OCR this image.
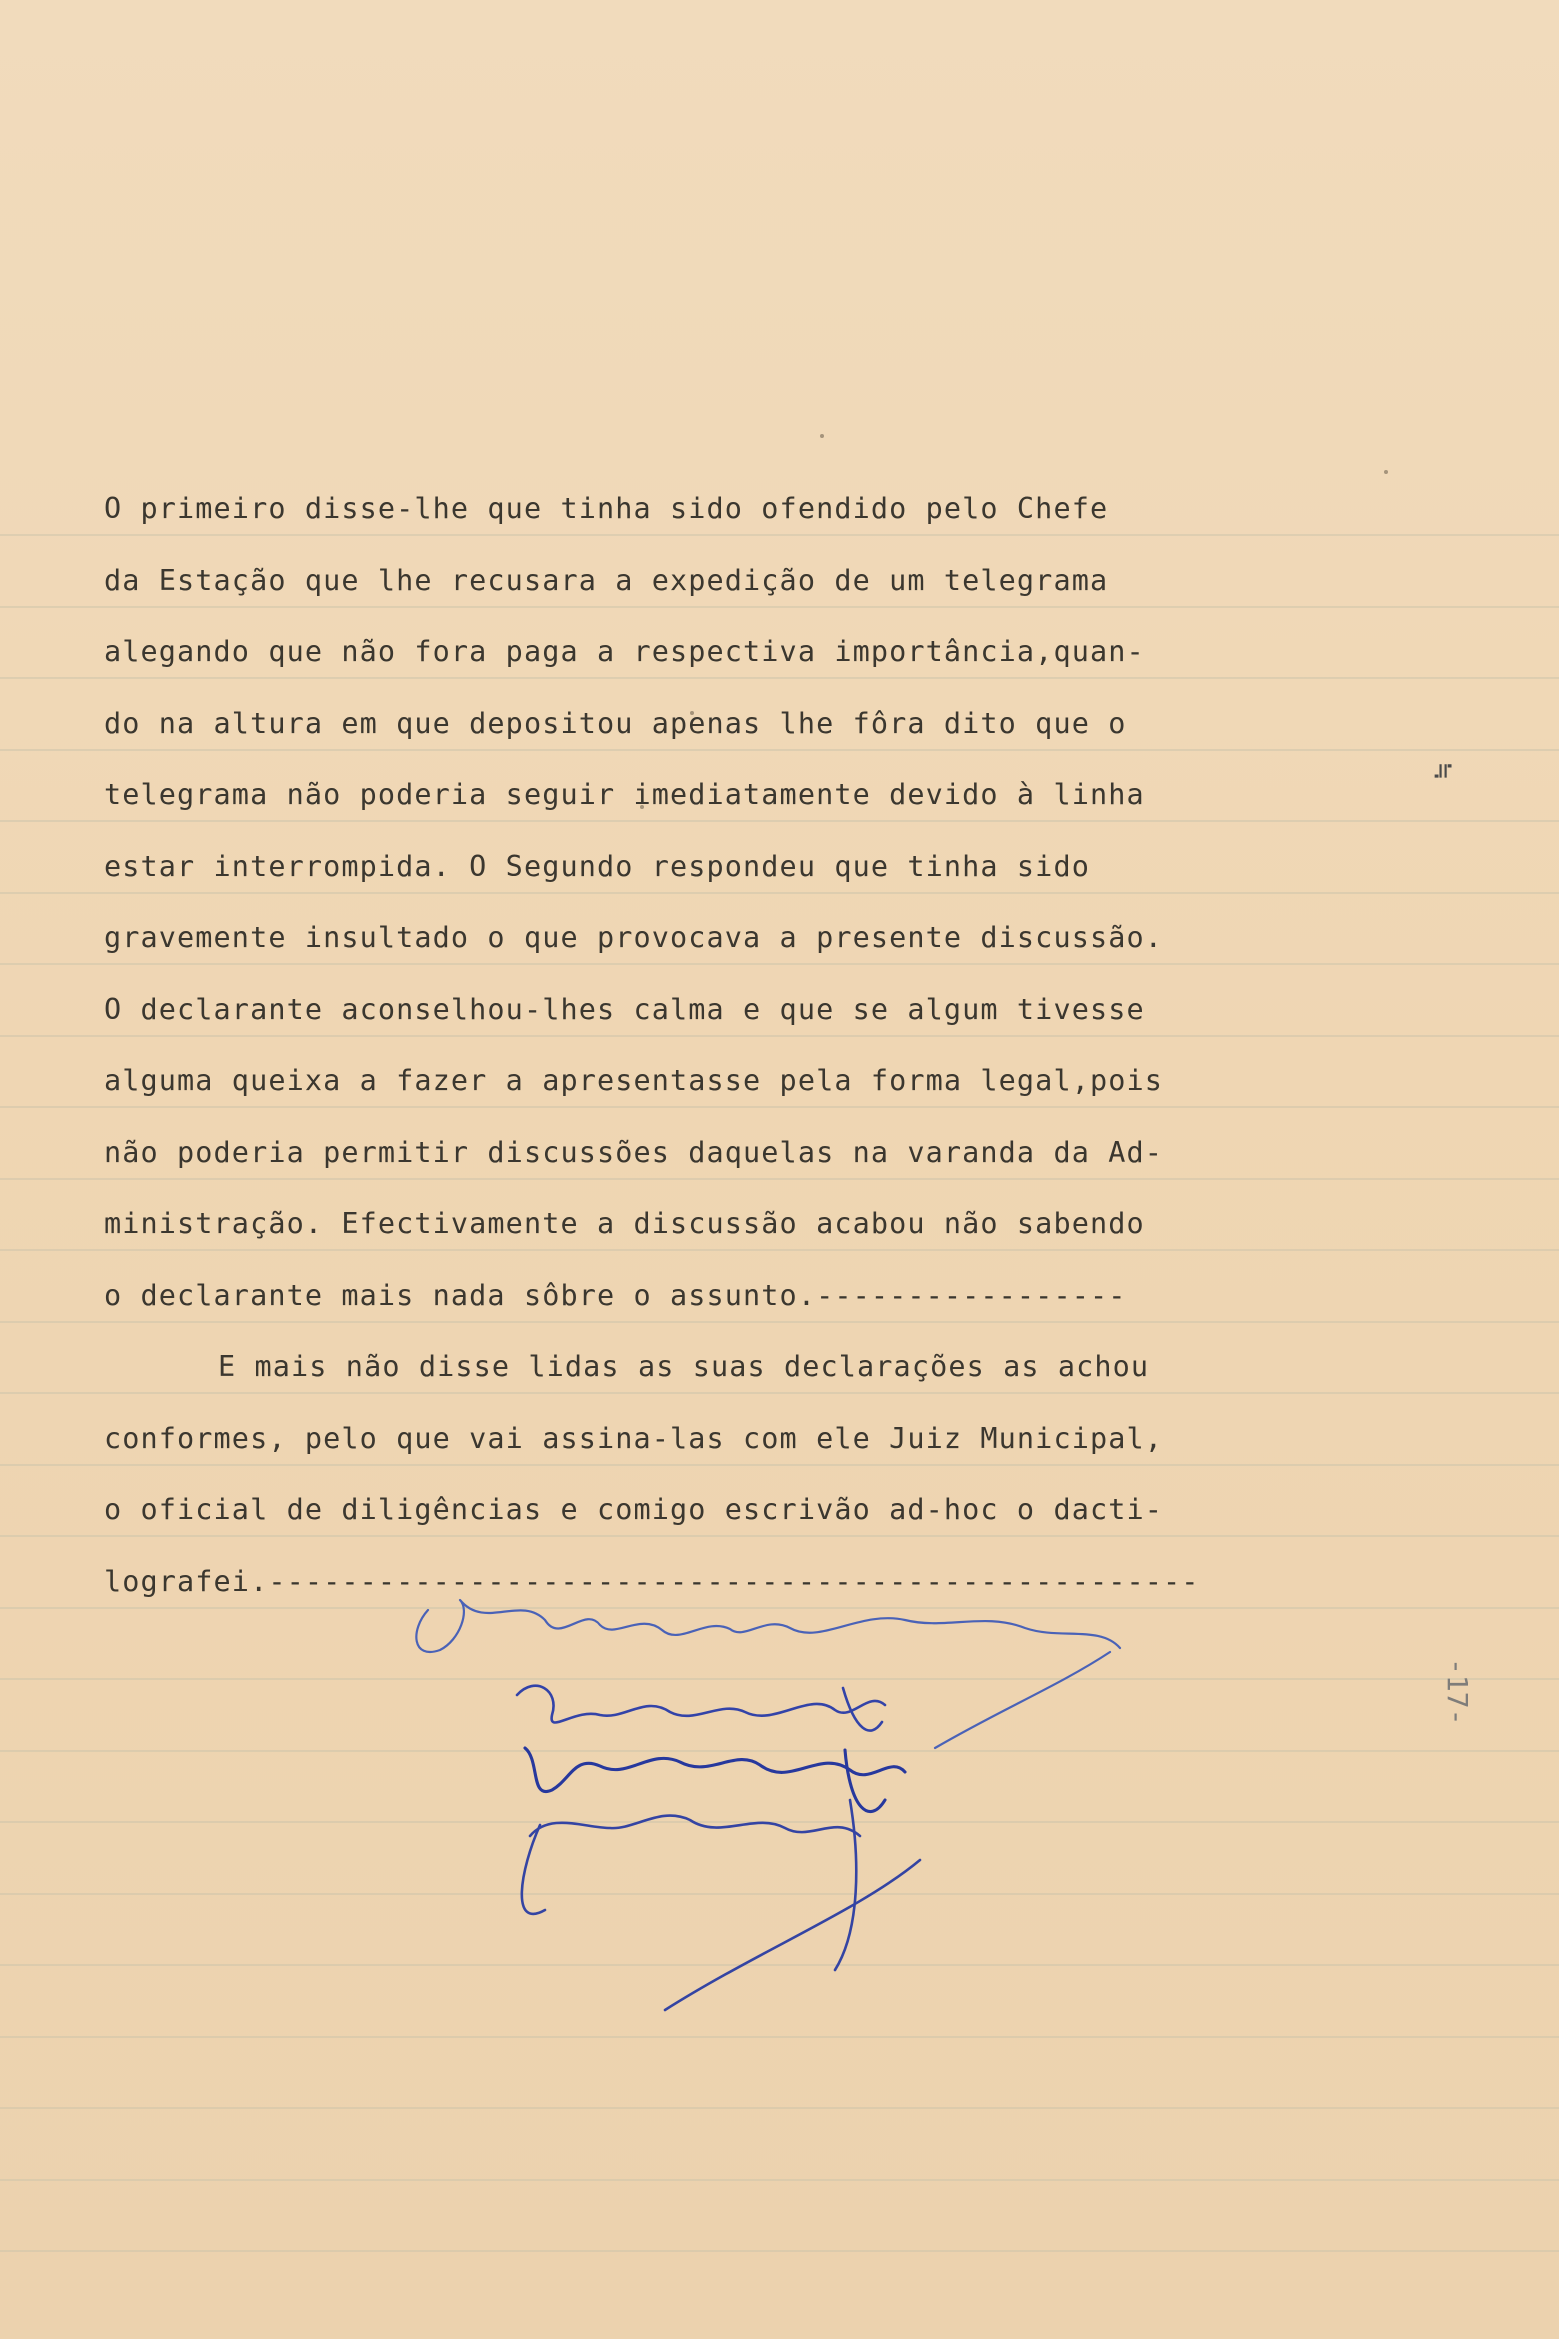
O primeiro disse-lhe que tinha sido ofendido pelo Chefe
da Estação que lhe recusara a expedição de um telegrama
alegando que não fora paga a respectiva importância,quan-
do na altura em que depositou apenas lhe fôra dito que o
telegrama não poderia seguir imediatamente devido à linha
estar interrompida. O Segundo respondeu que tinha sido
gravemente insultado o que provocava a presente discussão.
O declarante aconselhou-lhes calma e que se algum tivesse
alguma queixa a fazer a apresentasse pela forma legal,pois
não poderia permitir discussões daquelas na varanda da Ad-
ministração. Efectivamente a discussão acabou não sabendo
o declarante mais nada sôbre o assunto.-----------------
E mais não disse lidas as suas declarações as achou
conformes, pelo que vai assina-las com ele Juiz Municipal,
o oficial de diligências e comigo escrivão ad-hoc o dacti-
lografei.---------------------------------------------------
≒
-17-
